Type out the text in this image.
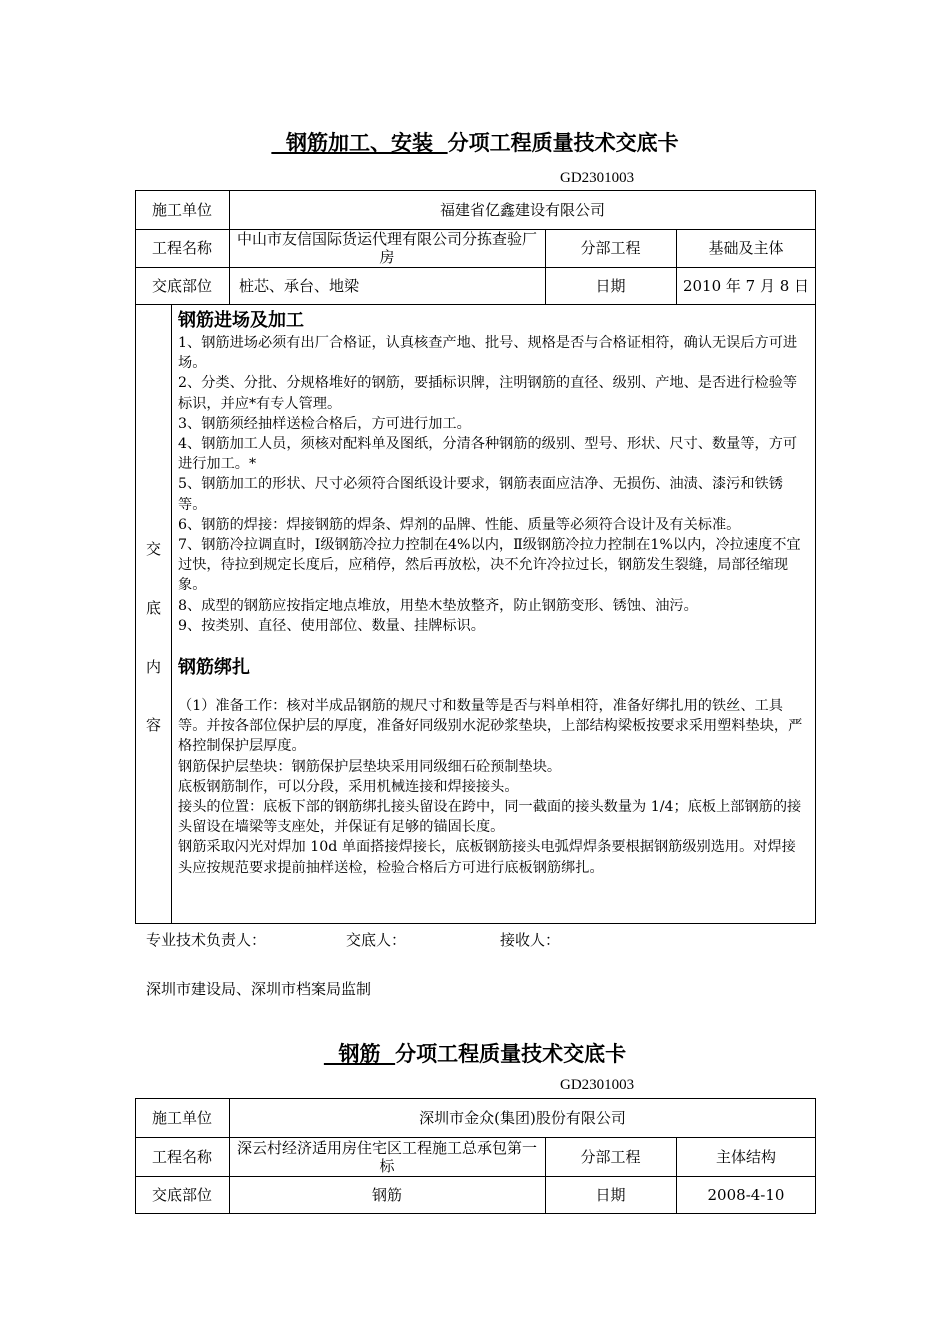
钢筋加工、安装 分项工程质量技术交底卡
GD2301003
施工单位	福建省亿鑫建设有限公司
工程名称	中山市友信国际货运代理有限公司分拣查验厂房	分部工程	基础及主体
交底部位	桩芯、承台、地梁	日期	2010 年 7 月 8 日
交
底
内
容
钢筋进场及加工

1、钢筋进场必须有出厂合格证，认真核查产地、批号、规格是否与合格证相符，确认无误后方可进场。

2、分类、分批、分规格堆好的钢筋，要插标识牌，注明钢筋的直径、级别、产地、是否进行检验等标识，并应*有专人管理。

3、钢筋须经抽样送检合格后，方可进行加工。

4、钢筋加工人员，须核对配料单及图纸，分清各种钢筋的级别、型号、形状、尺寸、数量等，方可进行加工。*

5、钢筋加工的形状、尺寸必须符合图纸设计要求，钢筋表面应洁净、无损伤、油渍、漆污和铁锈等。

6、钢筋的焊接：焊接钢筋的焊条、焊剂的品牌、性能、质量等必须符合设计及有关标准。

7、钢筋冷拉调直时，Ⅰ级钢筋冷拉力控制在4%以内，Ⅱ级钢筋冷拉力控制在1%以内，冷拉速度不宜过快，待拉到规定长度后，应稍停，然后再放松，决不允许冷拉过长，钢筋发生裂缝，局部径缩现象。

8、成型的钢筋应按指定地点堆放，用垫木垫放整齐，防止钢筋变形、锈蚀、油污。

9、按类别、直径、使用部位、数量、挂牌标识。

钢筋绑扎

（1）准备工作：核对半成品钢筋的规尺寸和数量等是否与料单相符，准备好绑扎用的铁丝、工具等。并按各部位保护层的厚度，准备好同级别水泥砂浆垫块，上部结构梁板按要求采用塑料垫块，严格控制保护层厚度。

钢筋保护层垫块：钢筋保护层垫块采用同级细石砼预制垫块。

底板钢筋制作，可以分段，采用机械连接和焊接接头。

接头的位置：底板下部的钢筋绑扎接头留设在跨中，同一截面的接头数量为 1/4；底板上部钢筋的接头留设在墙梁等支座处，并保证有足够的锚固长度。

钢筋采取闪光对焊加 10d 单面搭接焊接长，底板钢筋接头电弧焊焊条要根据钢筋级别选用。对焊接头应按规范要求提前抽样送检，检验合格后方可进行底板钢筋绑扎。

专业技术负责人：	交底人：	接收人：
深圳市建设局、深圳市档案局监制
钢筋 分项工程质量技术交底卡
GD2301003
施工单位	深圳市金众(集团)股份有限公司
工程名称	深云村经济适用房住宅区工程施工总承包第一标	分部工程	主体结构
交底部位	钢筋	日期	2008-4-10
